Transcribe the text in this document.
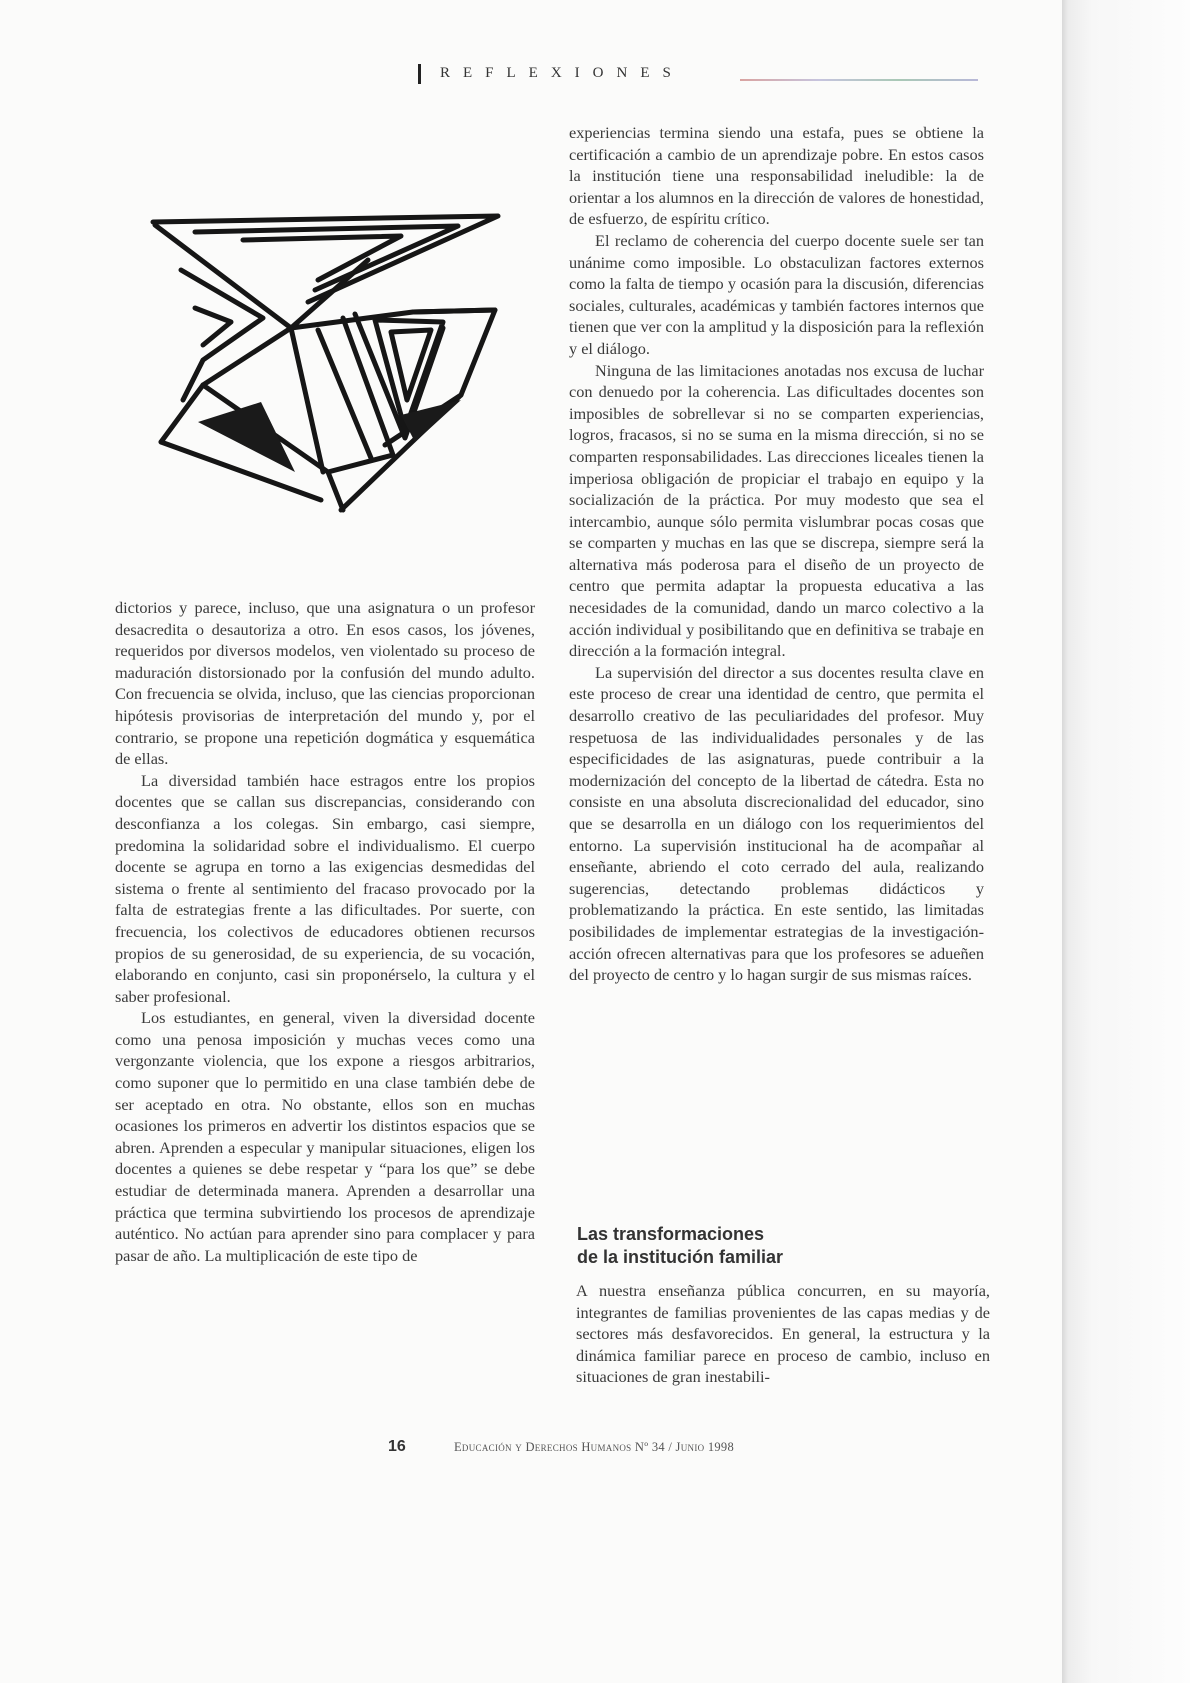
REFLEXIONES

dictorios y parece, incluso, que una asignatura o un profesor desacredita o desautoriza a otro. En esos casos, los jóvenes, requeridos por diversos modelos, ven violentado su proceso de maduración distorsionado por la confusión del mundo adulto. Con frecuencia se olvida, incluso, que las ciencias proporcionan hipótesis provisorias de interpretación del mundo y, por el contrario, se propone una repetición dogmática y esquemática de ellas.

La diversidad también hace estragos entre los propios docentes que se callan sus discrepancias, considerando con desconfianza a los colegas. Sin embargo, casi siempre, predomina la solidaridad sobre el individualismo. El cuerpo docente se agrupa en torno a las exigencias desmedidas del sistema o frente al sentimiento del fracaso provocado por la falta de estrategias frente a las dificultades. Por suerte, con frecuencia, los colectivos de educadores obtienen recursos propios de su generosidad, de su experiencia, de su vocación, elaborando en conjunto, casi sin proponérselo, la cultura y el saber profesional.

Los estudiantes, en general, viven la diversidad docente como una penosa imposición y muchas veces como una vergonzante violencia, que los expone a riesgos arbitrarios, como suponer que lo permitido en una clase también debe de ser aceptado en otra. No obstante, ellos son en muchas ocasiones los primeros en advertir los distintos espacios que se abren. Aprenden a especular y manipular situaciones, eligen los docentes a quienes se debe respetar y “para los que” se debe estudiar de determinada manera. Aprenden a desarrollar una práctica que termina subvirtiendo los procesos de aprendizaje auténtico. No actúan para aprender sino para complacer y para pasar de año. La multiplicación de este tipo de

experiencias termina siendo una estafa, pues se obtiene la certificación a cambio de un aprendizaje pobre. En estos casos la institución tiene una responsabilidad ineludible: la de orientar a los alumnos en la dirección de valores de honestidad, de esfuerzo, de espíritu crítico.

El reclamo de coherencia del cuerpo docente suele ser tan unánime como imposible. Lo obstaculizan factores externos como la falta de tiempo y ocasión para la discusión, diferencias sociales, culturales, académicas y también factores internos que tienen que ver con la amplitud y la disposición para la reflexión y el diálogo.

Ninguna de las limitaciones anotadas nos excusa de luchar con denuedo por la coherencia. Las dificultades docentes son imposibles de sobrellevar si no se comparten experiencias, logros, fracasos, si no se suma en la misma dirección, si no se comparten responsabilidades. Las direcciones liceales tienen la imperiosa obligación de propiciar el trabajo en equipo y la socialización de la práctica. Por muy modesto que sea el intercambio, aunque sólo permita vislumbrar pocas cosas que se comparten y muchas en las que se discrepa, siempre será la alternativa más poderosa para el diseño de un proyecto de centro que permita adaptar la propuesta educativa a las necesidades de la comunidad, dando un marco colectivo a la acción individual y posibilitando que en definitiva se trabaje en dirección a la formación integral.

La supervisión del director a sus docentes resulta clave en este proceso de crear una identidad de centro, que permita el desarrollo creativo de las peculiaridades del profesor. Muy respetuosa de las individualidades personales y de las especificidades de las asignaturas, puede contribuir a la modernización del concepto de la libertad de cátedra. Esta no consiste en una absoluta discrecionalidad del educador, sino que se desarrolla en un diálogo con los requerimientos del entorno. La supervisión institucional ha de acompañar al enseñante, abriendo el coto cerrado del aula, realizando sugerencias, detectando problemas didácticos y problematizando la práctica. En este sentido, las limitadas posibilidades de implementar estrategias de la investigación-acción ofrecen alternativas para que los profesores se adueñen del proyecto de centro y lo hagan surgir de sus mismas raíces.

Las transformaciones
de la institución familiar

A nuestra enseñanza pública concurren, en su mayoría, integrantes de familias provenientes de las capas medias y de sectores más desfavorecidos. En general, la estructura y la dinámica familiar parece en proceso de cambio, incluso en situaciones de gran inestabili-

16	Educación y Derechos Humanos Nº 34 / Junio 1998
